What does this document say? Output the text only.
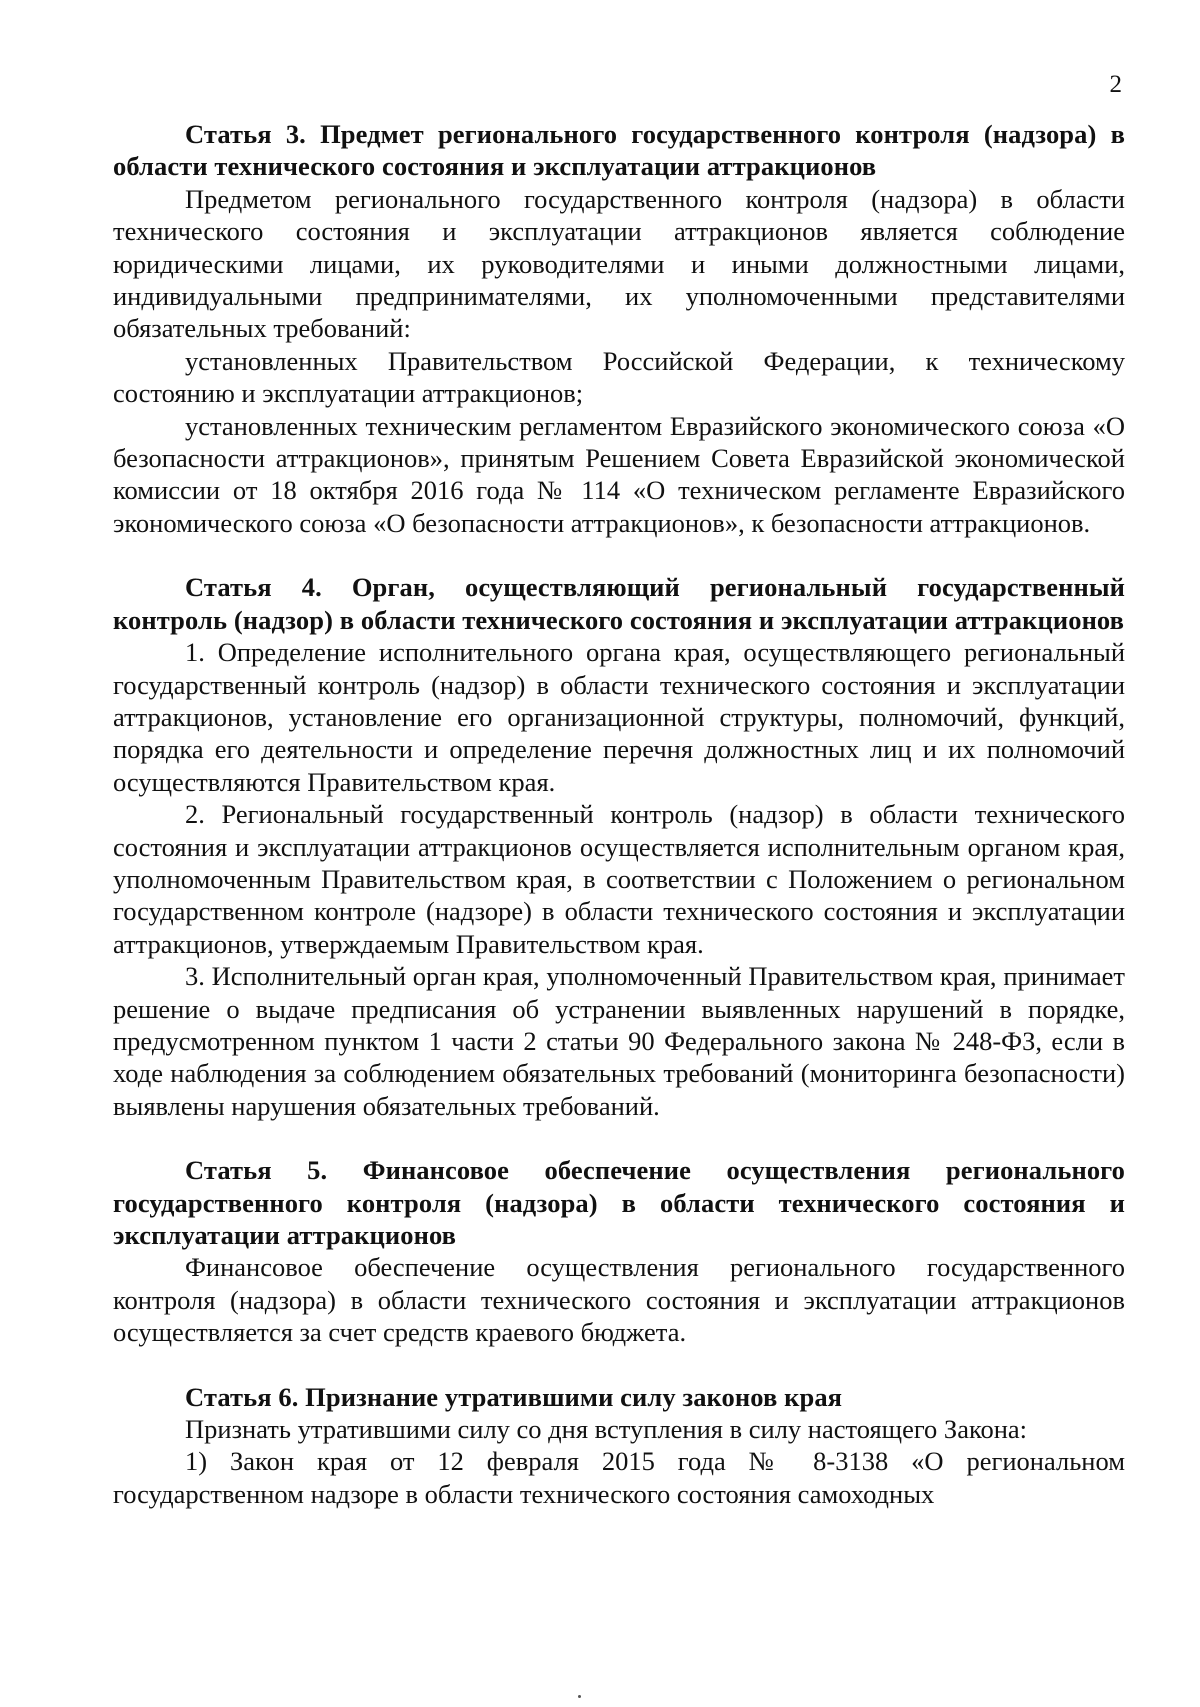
2

Статья 3. Предмет регионального государственного контроля (надзора) в области технического состояния и эксплуатации аттракционов

Предметом регионального государственного контроля (надзора) в области технического состояния и эксплуатации аттракционов является соблюдение юридическими лицами, их руководителями и иными должностными лицами, индивидуальными предпринимателями, их уполномоченными представителями обязательных требований:

установленных Правительством Российской Федерации, к техническому состоянию и эксплуатации аттракционов;

установленных техническим регламентом Евразийского экономического союза «О безопасности аттракционов», принятым Решением Совета Евразийской экономической комиссии от 18 октября 2016 года № 114 «О техническом регламенте Евразийского экономического союза «О безопасности аттракционов», к безопасности аттракционов.

Статья 4. Орган, осуществляющий региональный государственный контроль (надзор) в области технического состояния и эксплуатации аттракционов

1. Определение исполнительного органа края, осуществляющего региональный государственный контроль (надзор) в области технического состояния и эксплуатации аттракционов, установление его организационной структуры, полномочий, функций, порядка его деятельности и определение перечня должностных лиц и их полномочий осуществляются Правительством края.

2. Региональный государственный контроль (надзор) в области технического состояния и эксплуатации аттракционов осуществляется исполнительным органом края, уполномоченным Правительством края, в соответствии с Положением о региональном государственном контроле (надзоре) в области технического состояния и эксплуатации аттракционов, утверждаемым Правительством края.

3. Исполнительный орган края, уполномоченный Правительством края, принимает решение о выдаче предписания об устранении выявленных нарушений в порядке, предусмотренном пунктом 1 части 2 статьи 90 Федерального закона № 248-ФЗ, если в ходе наблюдения за соблюдением обязательных требований (мониторинга безопасности) выявлены нарушения обязательных требований.

Статья 5. Финансовое обеспечение осуществления регионального государственного контроля (надзора) в области технического состояния и эксплуатации аттракционов

Финансовое обеспечение осуществления регионального государственного контроля (надзора) в области технического состояния и эксплуатации аттракционов осуществляется за счет средств краевого бюджета.

Статья 6. Признание утратившими силу законов края

Признать утратившими силу со дня вступления в силу настоящего Закона:

1) Закон края от 12 февраля 2015 года № 8-3138 «О региональном государственном надзоре в области технического состояния самоходных
